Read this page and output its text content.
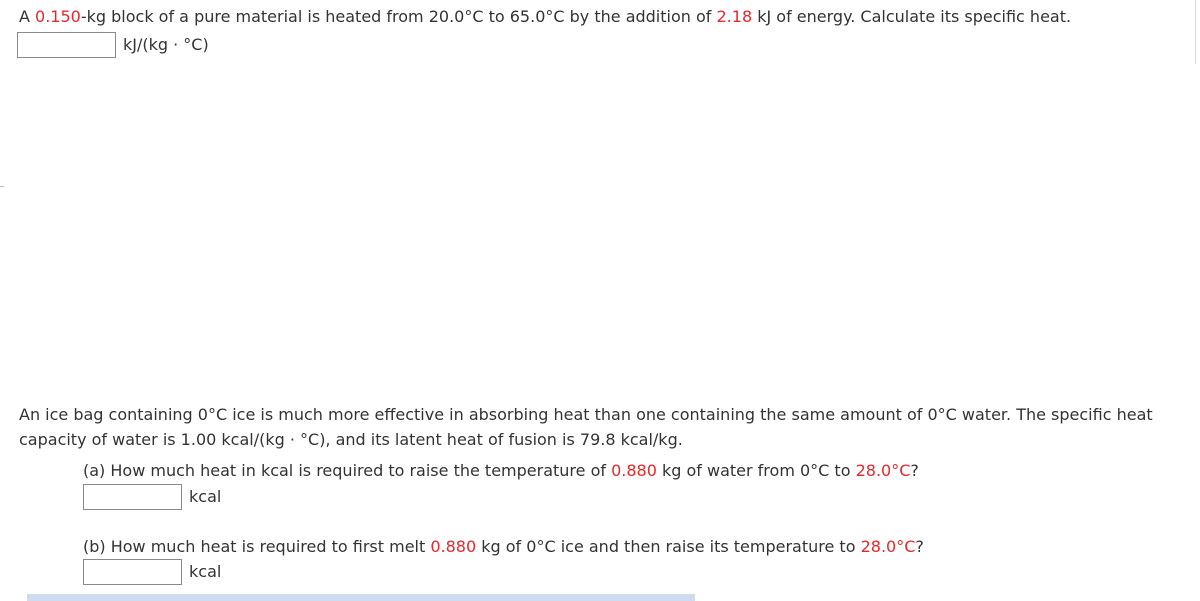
A 0.150-kg block of a pure material is heated from 20.0°C to 65.0°C by the addition of 2.18 kJ of energy. Calculate its specific heat.
kJ/(kg · °C)
An ice bag containing 0°C ice is much more effective in absorbing heat than one containing the same amount of 0°C water. The specific heat capacity of water is 1.00 kcal/(kg · °C), and its latent heat of fusion is 79.8 kcal/kg.
(a) How much heat in kcal is required to raise the temperature of 0.880 kg of water from 0°C to 28.0°C?
kcal
(b) How much heat is required to first melt 0.880 kg of 0°C ice and then raise its temperature to 28.0°C?
kcal
